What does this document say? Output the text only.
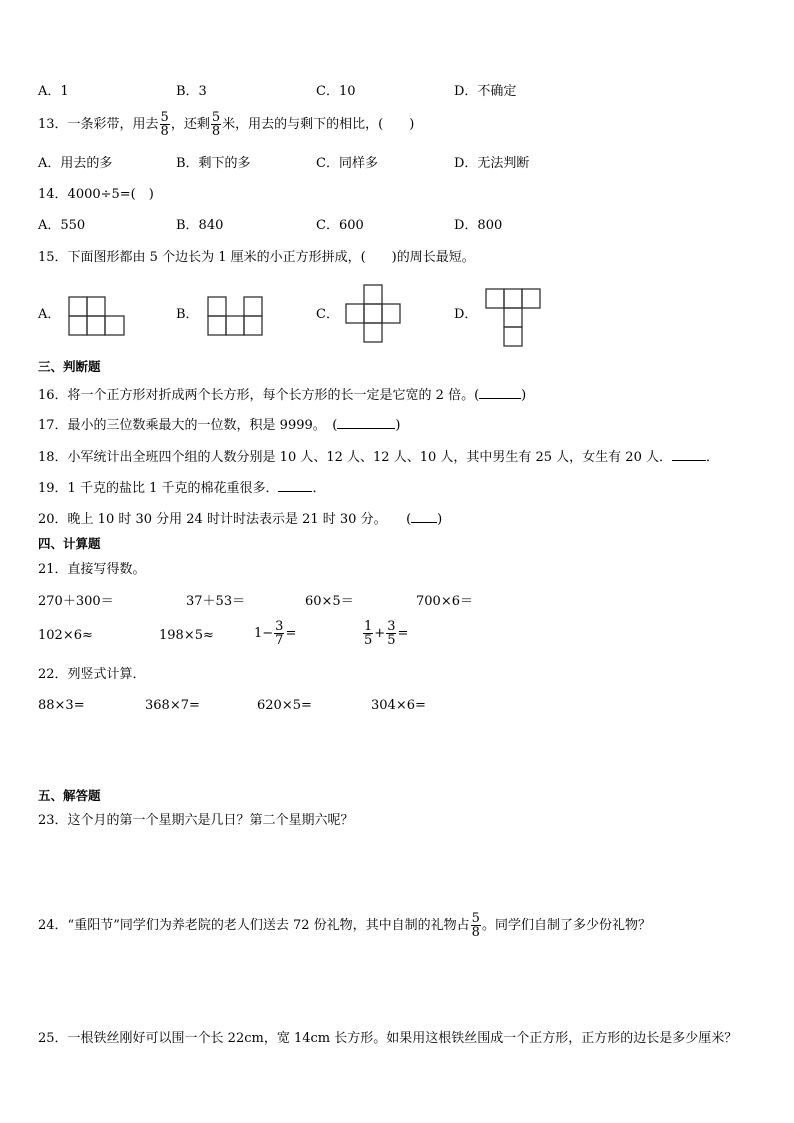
A．1	B．3	C．10	D．不确定
13．一条彩带，用去 $\frac{5}{8}$ ，还剩 $\frac{5}{8}$ 米，用去的与剩下的相比，(　　)
A．用去的多	B．剩下的多	C．同样多	D．无法判断
14．4000÷5=(　)
A．550	B．840	C．600	D．800
15．下面图形都由 5 个边长为 1 厘米的小正方形拼成，(　　)的周长最短。
A．	B．	C．	D．
三、判断题
16．将一个正方形对折成两个长方形，每个长方形的长一定是它宽的 2 倍。(	)
17．最小的三位数乘最大的一位数，积是 9999。　(	)
18．小军统计出全班四个组的人数分别是 10 人、12 人、12 人、10 人，其中男生有 25 人，女生有 20 人．	．
19．1 千克的盐比 1 千克的棉花重很多．	．
20．晚上 10 时 30 分用 24 时计时法表示是 21 时 30 分。　　( )
四、计算题
21．直接写得数。
270＋300＝	37＋53＝	60×5＝	700×6＝
102×6≈	198×5≈	$1- \frac{3}{7}$ =	$\frac{1}{5} + \frac{3}{5}$ =
22．列竖式计算．
88×3=	368×7=	620×5=	304×6=
五、解答题
23．这个月的第一个星期六是几日？第二个星期六呢？
24．“重阳节”同学们为养老院的老人们送去 72 份礼物，其中自制的礼物占 $\frac{5}{8}$ 。同学们自制了多少份礼物？
25．一根铁丝刚好可以围一个长 22cm，宽 14cm 长方形。如果用这根铁丝围成一个正方形，正方形的边长是多少厘米？
